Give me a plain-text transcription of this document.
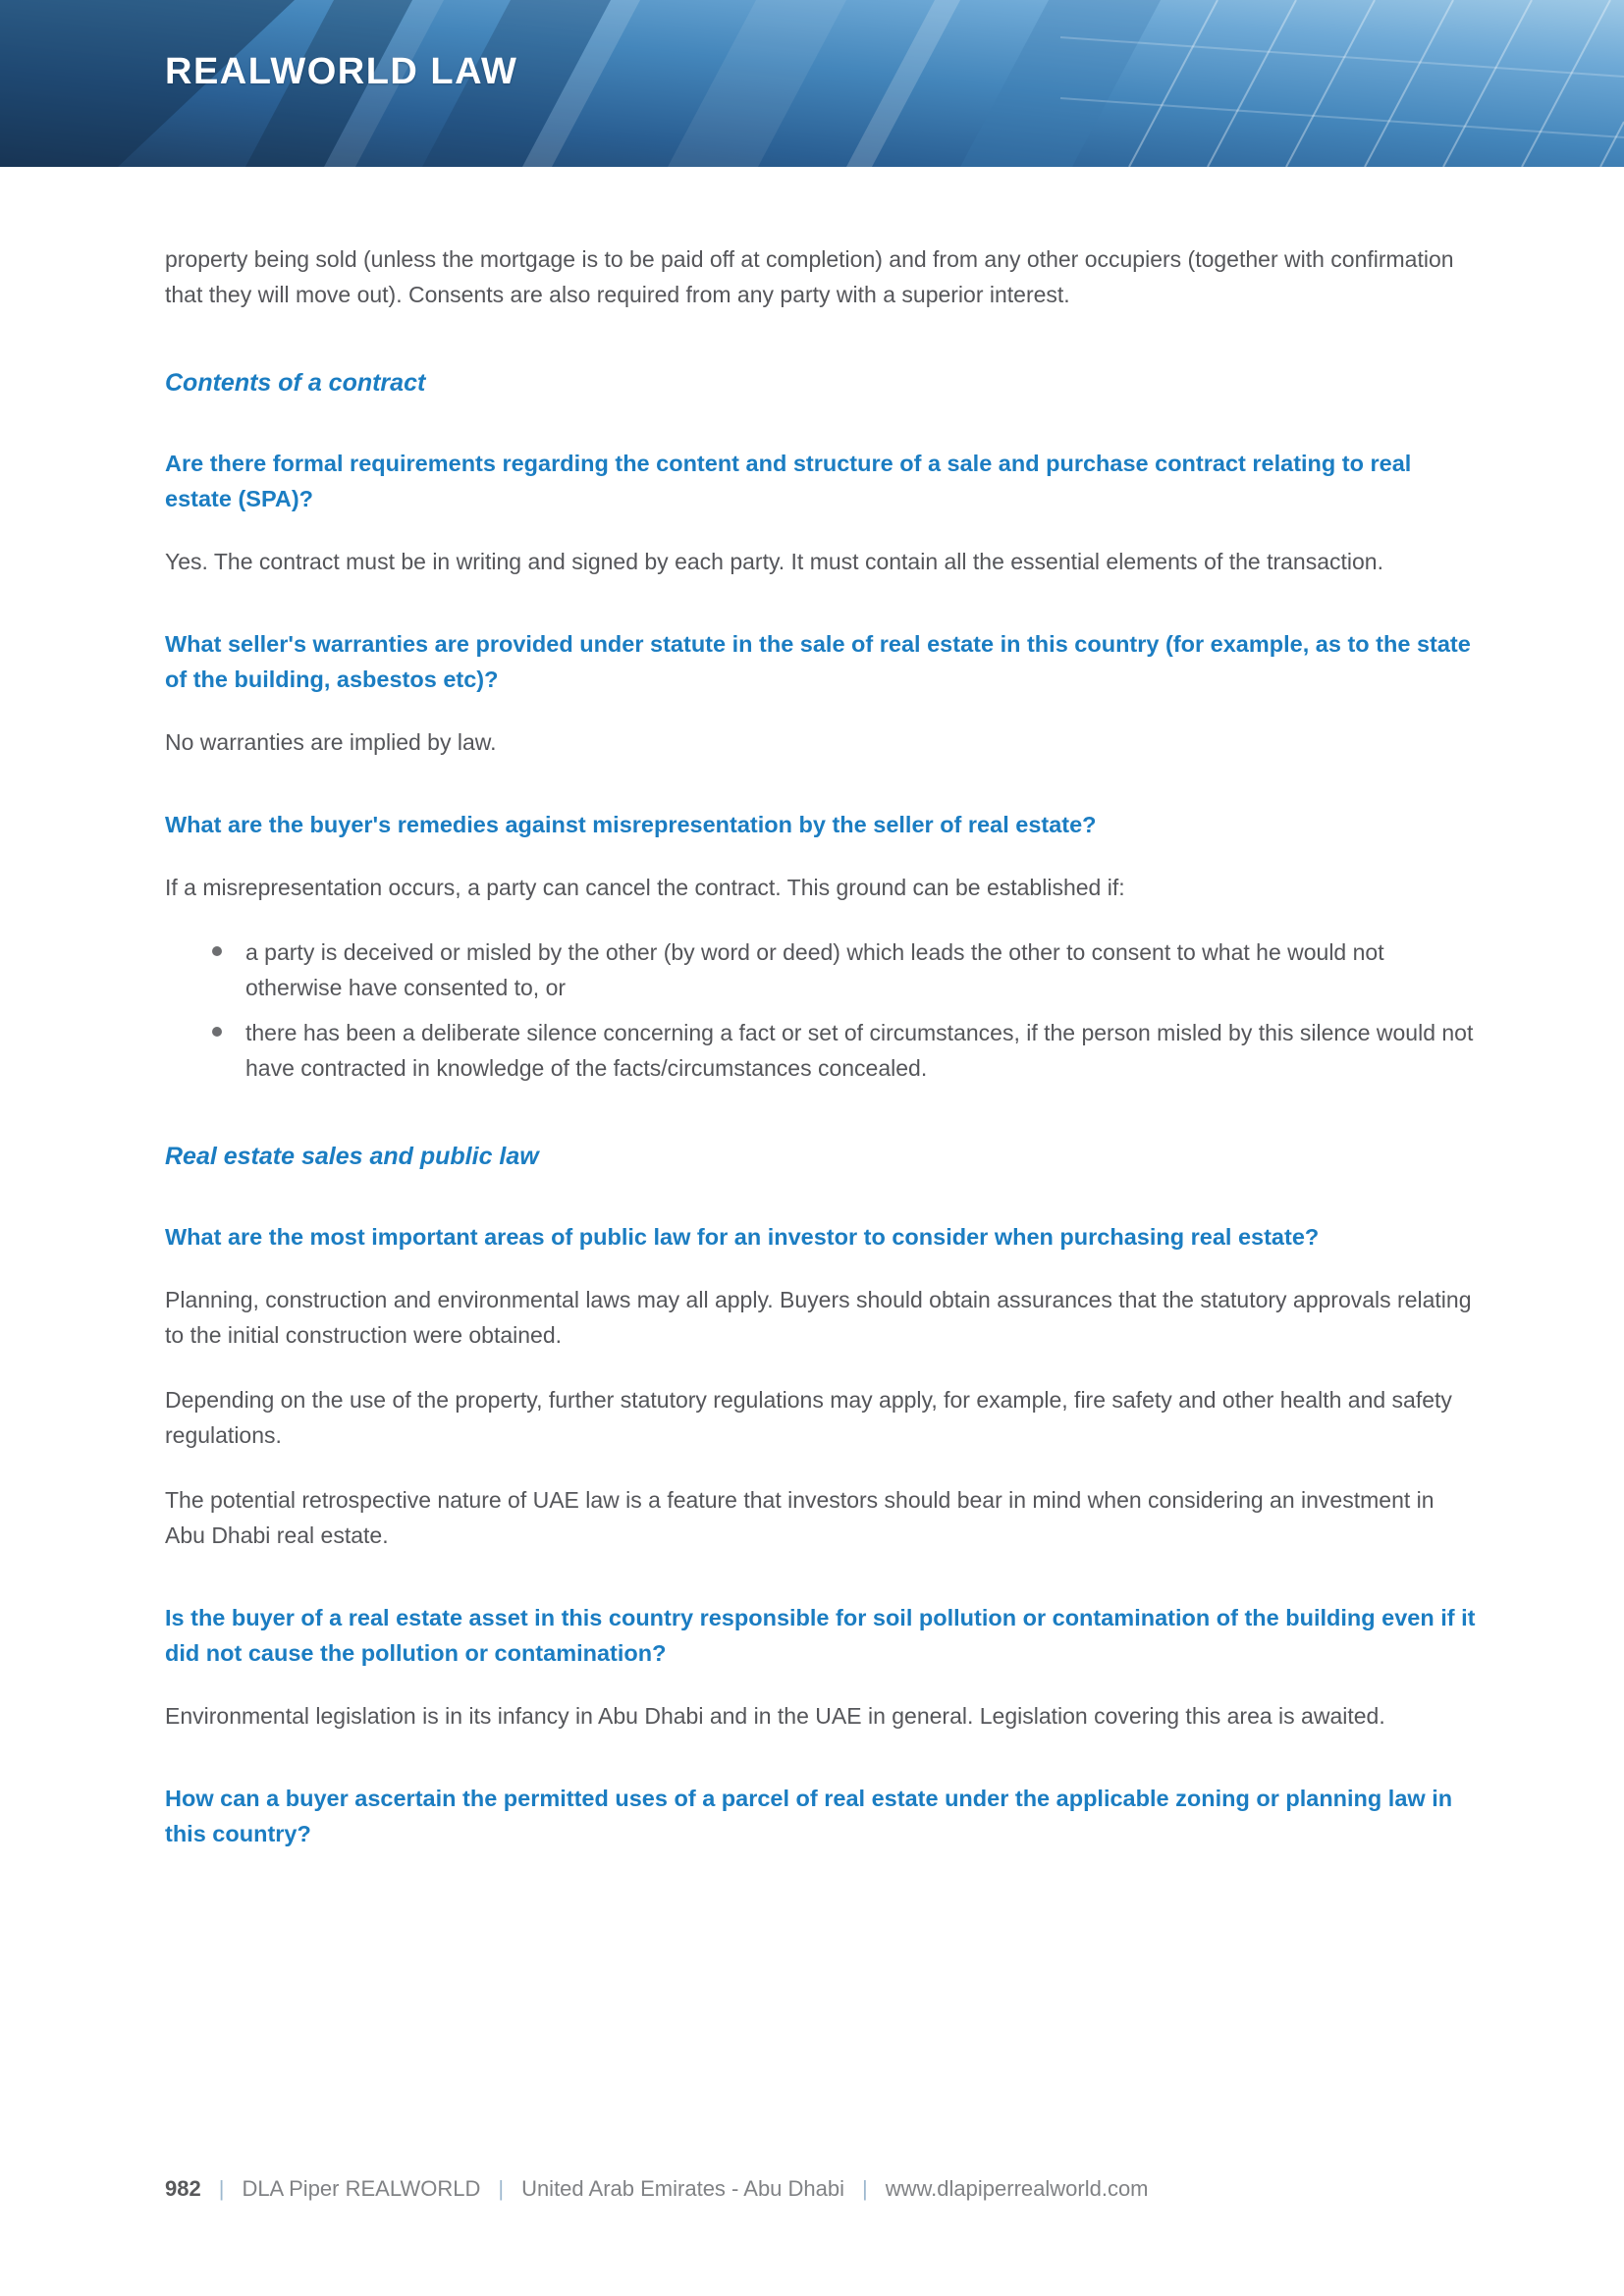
REALWORLD LAW

property being sold (unless the mortgage is to be paid off at completion) and from any other occupiers (together with confirmation that they will move out). Consents are also required from any party with a superior interest.

Contents of a contract
Are there formal requirements regarding the content and structure of a sale and purchase contract relating to real estate (SPA)?

Yes. The contract must be in writing and signed by each party. It must contain all the essential elements of the transaction.

What seller's warranties are provided under statute in the sale of real estate in this country (for example, as to the state of the building, asbestos etc)?

No warranties are implied by law.

What are the buyer's remedies against misrepresentation by the seller of real estate?

If a misrepresentation occurs, a party can cancel the contract. This ground can be established if:

a party is deceived or misled by the other (by word or deed) which leads the other to consent to what he would not otherwise have consented to, or
there has been a deliberate silence concerning a fact or set of circumstances, if the person misled by this silence would not have contracted in knowledge of the facts/circumstances concealed.
Real estate sales and public law
What are the most important areas of public law for an investor to consider when purchasing real estate?

Planning, construction and environmental laws may all apply. Buyers should obtain assurances that the statutory approvals relating to the initial construction were obtained.

Depending on the use of the property, further statutory regulations may apply, for example, fire safety and other health and safety regulations.

The potential retrospective nature of UAE law is a feature that investors should bear in mind when considering an investment in Abu Dhabi real estate.

Is the buyer of a real estate asset in this country responsible for soil pollution or contamination of the building even if it did not cause the pollution or contamination?

Environmental legislation is in its infancy in Abu Dhabi and in the UAE in general. Legislation covering this area is awaited.

How can a buyer ascertain the permitted uses of a parcel of real estate under the applicable zoning or planning law in this country?
982 | DLA Piper REALWORLD | United Arab Emirates - Abu Dhabi | www.dlapiperrealworld.com
